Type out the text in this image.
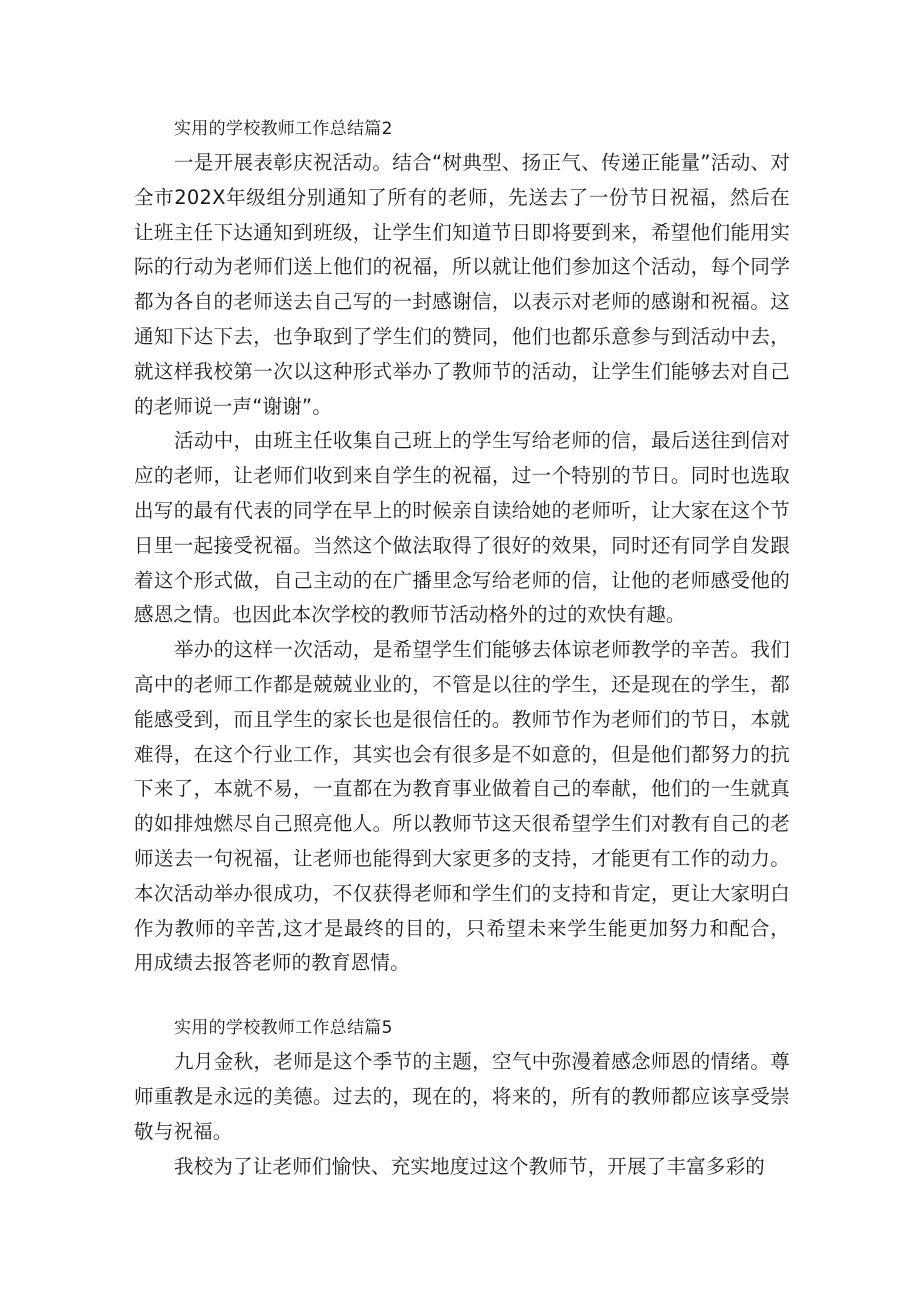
实用的学校教师工作总结篇2

一是开展表彰庆祝活动。结合“树典型、扬正气、传递正能量”活动、对全市202X年级组分别通知了所有的老师，先送去了一份节日祝福，然后在让班主任下达通知到班级，让学生们知道节日即将要到来，希望他们能用实际的行动为老师们送上他们的祝福，所以就让他们参加这个活动，每个同学都为各自的老师送去自己写的一封感谢信，以表示对老师的感谢和祝福。这通知下达下去，也争取到了学生们的赞同，他们也都乐意参与到活动中去，就这样我校第一次以这种形式举办了教师节的活动，让学生们能够去对自己的老师说一声“谢谢”。

活动中，由班主任收集自己班上的学生写给老师的信，最后送往到信对应的老师，让老师们收到来自学生的祝福，过一个特别的节日。同时也选取出写的最有代表的同学在早上的时候亲自读给她的老师听，让大家在这个节日里一起接受祝福。当然这个做法取得了很好的效果，同时还有同学自发跟着这个形式做，自己主动的在广播里念写给老师的信，让他的老师感受他的感恩之情。也因此本次学校的教师节活动格外的过的欢快有趣。

举办的这样一次活动，是希望学生们能够去体谅老师教学的辛苦。我们高中的老师工作都是兢兢业业的，不管是以往的学生，还是现在的学生，都能感受到，而且学生的家长也是很信任的。教师节作为老师们的节日，本就难得，在这个行业工作，其实也会有很多是不如意的，但是他们都努力的抗下来了，本就不易，一直都在为教育事业做着自己的奉献，他们的一生就真的如排烛燃尽自己照亮他人。所以教师节这天很希望学生们对教有自己的老师送去一句祝福，让老师也能得到大家更多的支持，才能更有工作的动力。本次活动举办很成功，不仅获得老师和学生们的支持和肯定，更让大家明白作为教师的辛苦,这才是最终的目的，只希望未来学生能更加努力和配合，用成绩去报答老师的教育恩情。

实用的学校教师工作总结篇5

九月金秋，老师是这个季节的主题，空气中弥漫着感念师恩的情绪。尊师重教是永远的美德。过去的，现在的，将来的，所有的教师都应该享受崇敬与祝福。

我校为了让老师们愉快、充实地度过这个教师节，开展了丰富多彩的
